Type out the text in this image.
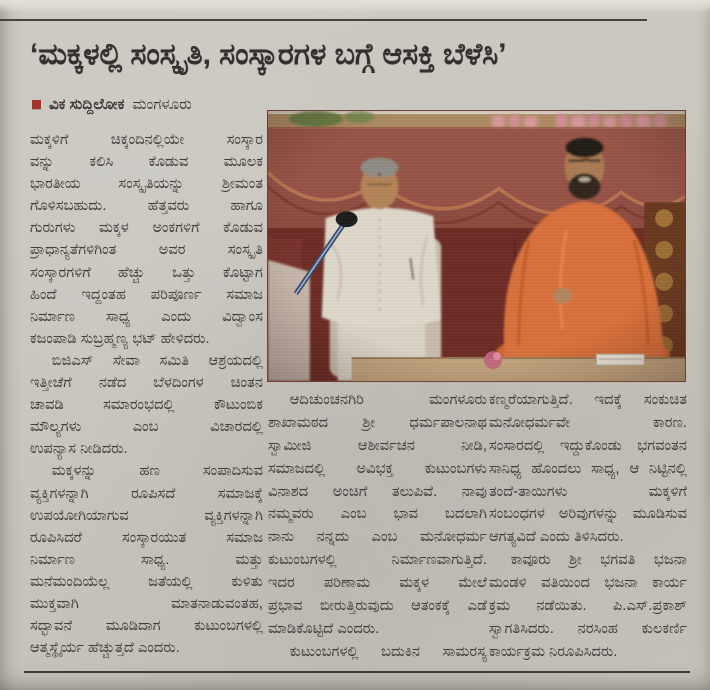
‘ಮಕ್ಕಳಲ್ಲಿ ಸಂಸ್ಕೃತಿ, ಸಂಸ್ಕಾರಗಳ ಬಗ್ಗೆ ಆಸಕ್ತಿ ಬೆಳೆಸಿ’
ವಿಕ ಸುದ್ದಿಲೋಕ ಮಂಗಳೂರು
ಮಕ್ಕಳಿಗೆ ಚಿಕ್ಕಂದಿನಲ್ಲಿಯೇ ಸಂಸ್ಕಾರ
ವನ್ನು ಕಲಿಸಿ ಕೊಡುವ ಮೂಲಕ
ಭಾರತೀಯ ಸಂಸ್ಕೃತಿಯನ್ನು ಶ್ರೀಮಂತ
ಗೊಳಿಸಬಹುದು. ಹೆತ್ತವರು ಹಾಗೂ
ಗುರುಗಳು ಮಕ್ಕಳ ಅಂಕಗಳಿಗೆ ಕೊಡುವ
ಪ್ರಾಧಾನ್ಯತೆಗಳಿಗಿಂತ ಅವರ ಸಂಸ್ಕೃತಿ
ಸಂಸ್ಕಾರಗಳಿಗೆ ಹೆಚ್ಚು ಒತ್ತು ಕೊಟ್ಟಾಗ
ಹಿಂದೆ ಇದ್ದಂತಹ ಪರಿಪೂರ್ಣ ಸಮಾಜ
ನಿರ್ಮಾಣ ಸಾಧ್ಯ ಎಂದು ವಿದ್ವಾಂಸ
ಕಜಂಪಾಡಿ ಸುಬ್ರಹ್ಮಣ್ಯ ಭಟ್ ಹೇಳಿದರು.
ಬಿಜಿಎಸ್ ಸೇವಾ ಸಮಿತಿ ಆಶ್ರಯದಲ್ಲಿ
ಇತ್ತೀಚೆಗೆ ನಡೆದ ಬೆಳದಿಂಗಳ ಚಿಂತನ
ಚಾವಡಿ ಸಮಾರಂಭದಲ್ಲಿ ಕೌಟುಂಬಿಕ
ಮೌಲ್ಯಗಳು ಎಂಬ ವಿಚಾರದಲ್ಲಿ
ಉಪನ್ಯಾಸ ನೀಡಿದರು.
ಮಕ್ಕಳನ್ನು ಹಣ ಸಂಪಾದಿಸುವ
ವ್ಯಕ್ತಿಗಳನ್ನಾಗಿ ರೂಪಿಸದೆ ಸಮಾಜಕ್ಕೆ
ಉಪಯೋಗಿಯಾಗುವ ವ್ಯಕ್ತಿಗಳನ್ನಾಗಿ
ರೂಪಿಸಿದರೆ ಸಂಸ್ಕಾರಯುತ ಸಮಾಜ
ನಿರ್ಮಾಣ ಸಾಧ್ಯ. ಮತ್ತು
ಮನೆಮಂದಿಯೆಲ್ಲ ಜತೆಯಲ್ಲಿ ಕುಳಿತು
ಮುಕ್ತವಾಗಿ ಮಾತನಾಡುವಂತಹ,
ಸದ್ಭಾವನೆ ಮೂಡಿದಾಗ ಕುಟುಂಬಗಳಲ್ಲಿ
ಆತ್ಮಸ್ಥೈರ್ಯ ಹೆಚ್ಚುತ್ತದೆ ಎಂದರು.
ಆದಿಚುಂಚನಗಿರಿ ಮಂಗಳೂರು
ಶಾಖಾಮಠದ ಶ್ರೀ ಧರ್ಮಪಾಲನಾಥ
ಸ್ವಾಮೀಜಿ ಆಶೀರ್ವಚನ ನೀಡಿ,
ಸಮಾಜದಲ್ಲಿ ಅವಿಭಕ್ತ ಕುಟುಂಬಗಳು
ವಿನಾಶದ ಅಂಚಿಗೆ ತಲುಪಿವೆ. ನಾವು
ನಮ್ಮವರು ಎಂಬ ಭಾವ ಬದಲಾಗಿ
ನಾನು ನನ್ನದು ಎಂಬ ಮನೋಧರ್ಮ
ಕುಟುಂಬಗಳಲ್ಲಿ ನಿರ್ಮಾಣವಾಗುತ್ತಿದೆ.
ಇದರ ಪರಿಣಾಮ ಮಕ್ಕಳ ಮೇಲೆ
ಪ್ರಭಾವ ಬೀರುತ್ತಿರುವುದು ಆತಂಕಕ್ಕೆ ಎಡೆ
ಮಾಡಿಕೊಟ್ಟಿದೆ ಎಂದರು.
ಕುಟುಂಬಗಳಲ್ಲಿ ಬದುಕಿನ ಸಾಮರಸ್ಯ
ಕಣ್ಮರೆಯಾಗುತ್ತಿದೆ. ಇದಕ್ಕೆ ಸಂಕುಚಿತ
ಮನೋಧರ್ಮವೇ ಕಾರಣ.
ಸಂಸಾರದಲ್ಲಿ ಇದ್ದುಕೊಂಡು ಭಗವಂತನ
ಸಾನಿಧ್ಯ ಹೊಂದಲು ಸಾಧ್ಯ, ಆ ನಿಟ್ಟಿನಲ್ಲಿ
ತಂದೆ-ತಾಯಿಗಳು ಮಕ್ಕಳಿಗೆ
ಸಂಬಂಧಗಳ ಅರಿವುಗಳನ್ನು ಮೂಡಿಸುವ
ಆಗತ್ಯವಿದೆ ಎಂದು ತಿಳಿಸಿದರು.
ಕಾವೂರು ಶ್ರೀ ಭಗವತಿ ಭಜನಾ
ಮಂಡಳಿ ವತಿಯಿಂದ ಭಜನಾ ಕಾರ್ಯ
ಕ್ರಮ ನಡೆಯಿತು. ಪಿ.ಎಸ್.ಪ್ರಕಾಶ್
ಸ್ವಾಗತಿಸಿದರು. ನರಸಿಂಹ ಕುಲಕರ್ಣಿ
ಕಾರ್ಯಕ್ರಮ ನಿರೂಪಿಸಿದರು.
